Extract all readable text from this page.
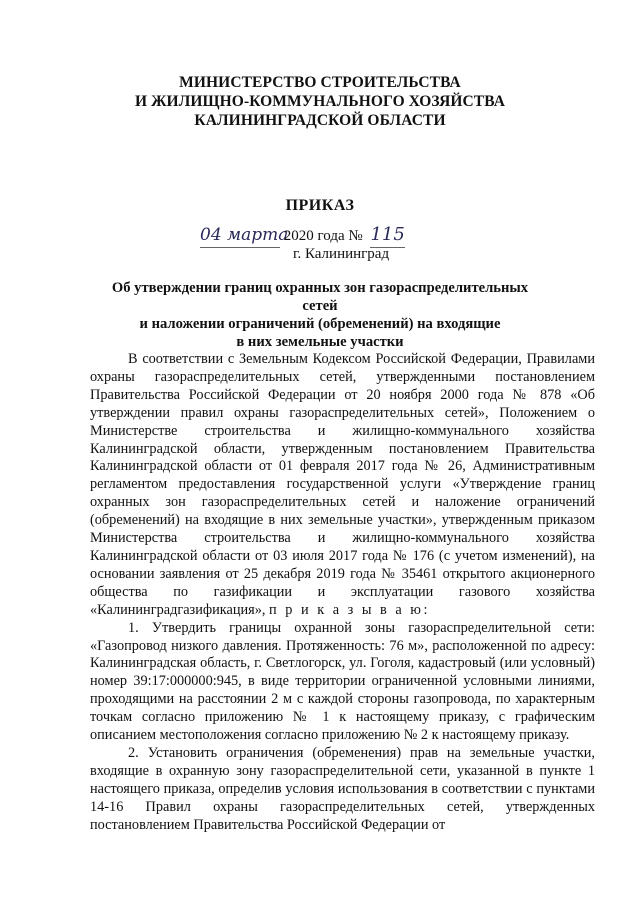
МИНИСТЕРСТВО СТРОИТЕЛЬСТВА
И ЖИЛИЩНО-КОММУНАЛЬНОГО ХОЗЯЙСТВА
КАЛИНИНГРАДСКОЙ ОБЛАСТИ
ПРИКАЗ
04 марта 2020 года № 115
г. Калининград
Об утверждении границ охранных зон газораспределительных сетей
и наложении ограничений (обременений) на входящие
в них земельные участки

В соответствии с Земельным Кодексом Российской Федерации, Правилами охраны газораспределительных сетей, утвержденными постановлением Правительства Российской Федерации от 20 ноября 2000 года № 878 «Об утверждении правил охраны газораспределительных сетей», Положением о Министерстве строительства и жилищно-коммунального хозяйства Калининградской области, утвержденным постановлением Правительства Калининградской области от 01 февраля 2017 года № 26, Административным регламентом предоставления государственной услуги «Утверждение границ охранных зон газораспределительных сетей и наложение ограничений (обременений) на входящие в них земельные участки», утвержденным приказом Министерства строительства и жилищно-коммунального хозяйства Калининградской области от 03 июля 2017 года № 176 (с учетом изменений), на основании заявления от 25 декабря 2019 года № 35461 открытого акционерного общества по газификации и эксплуатации газового хозяйства «Калининградгазификация», п р и к а з ы в а ю:

1. Утвердить границы охранной зоны газораспределительной сети: «Газопровод низкого давления. Протяженность: 76 м», расположенной по адресу: Калининградская область, г. Светлогорск, ул. Гоголя, кадастровый (или условный) номер 39:17:000000:945, в виде территории ограниченной условными линиями, проходящими на расстоянии 2 м с каждой стороны газопровода, по характерным точкам согласно приложению № 1 к настоящему приказу, с графическим описанием местоположения согласно приложению № 2 к настоящему приказу.

2. Установить ограничения (обременения) прав на земельные участки, входящие в охранную зону газораспределительной сети, указанной в пункте 1 настоящего приказа, определив условия использования в соответствии с пунктами 14-16 Правил охраны газораспределительных сетей, утвержденных постановлением Правительства Российской Федерации от
